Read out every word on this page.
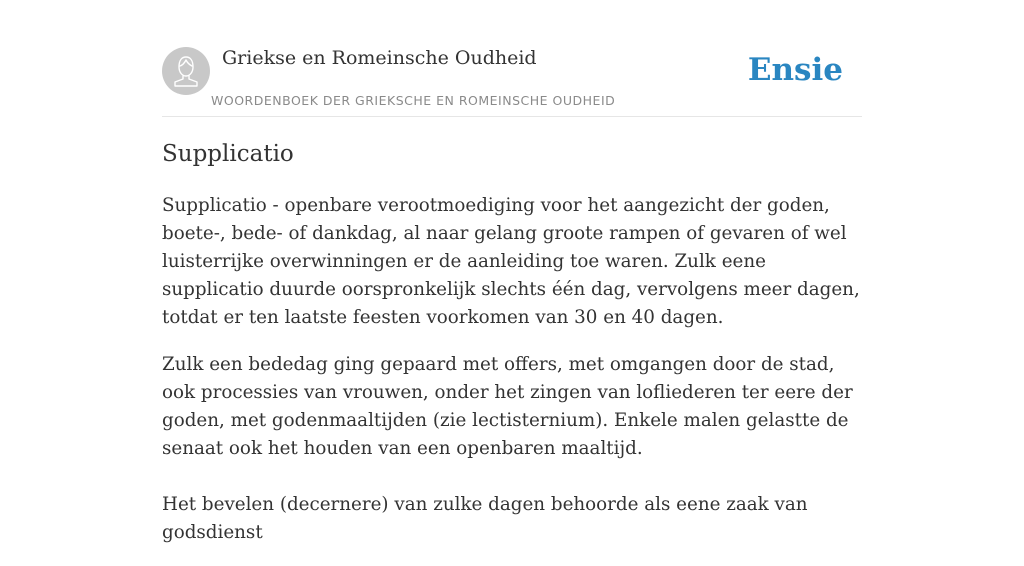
Griekse en Romeinsche Oudheid
WOORDENBOEK DER GRIEKSCHE EN ROMEINSCHE OUDHEID
Ensie
Supplicatio

Supplicatio - openbare verootmoediging voor het aangezicht der goden, boete-, bede- of dankdag, al naar gelang groote rampen of gevaren of wel luisterrijke overwinningen er de aanleiding toe waren. Zulk eene supplicatio duurde oorspronkelijk slechts één dag, vervolgens meer dagen, totdat er ten laatste feesten voorkomen van 30 en 40 dagen.

Zulk een bededag ging gepaard met offers, met omgangen door de stad, ook processies van vrouwen, onder het zingen van lofliederen ter eere der goden, met godenmaaltijden (zie lectisternium). Enkele malen gelastte de senaat ook het houden van een openbaren maaltijd.

Het bevelen (decernere) van zulke dagen behoorde als eene zaak van godsdienst
